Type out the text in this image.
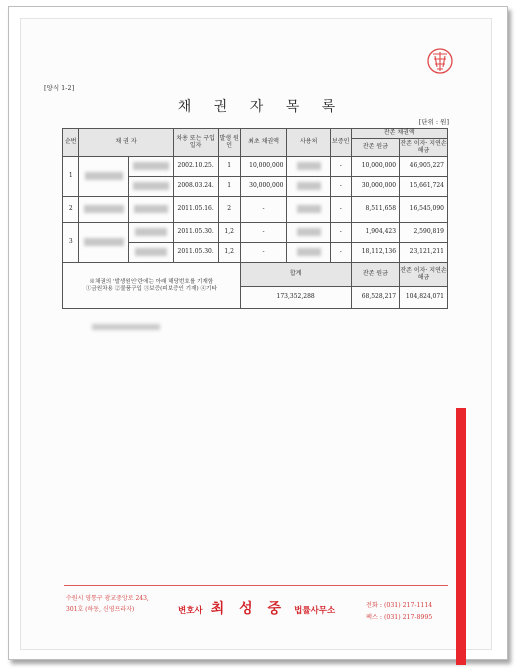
[양식 1-2]
채 권 자 목 록
[단위 : 원]
순번	채 권 자		차용 또는 구입일자	발생 원인	최초 채권액	사용처	보증인	잔존 채권액	
								잔존 원금	잔존 이자· 지연손해금
1			2002.10.25.	1	10,000,000		-	10,000,000	46,905,227
			2008.03.24.	1	30,000,000		-	30,000,000	15,661,724
2			2011.05.16.	2	-		-	8,511,658	16,545,090
3			2011.05.30.	1,2	-		-	1,904,423	2,590,819
			2011.05.30.	1,2	-		-	18,112,136	23,121,211

※채권의 '발생원인'란에는 아래 해당번호를 기재함
①금원차용 ②물품구입 ③보증(피보증인 기재) ④기타					합계			잔존 원금	잔존 이자· 지연손해금
					173,352,288			68,528,217	104,824,071
수원시 영통구 광교중앙로 243,
301호 (하동, 신영프라자)	변호사 최 성 중 법률사무소
전화 : (031) 217-1114
팩스 : (031) 217-8995
